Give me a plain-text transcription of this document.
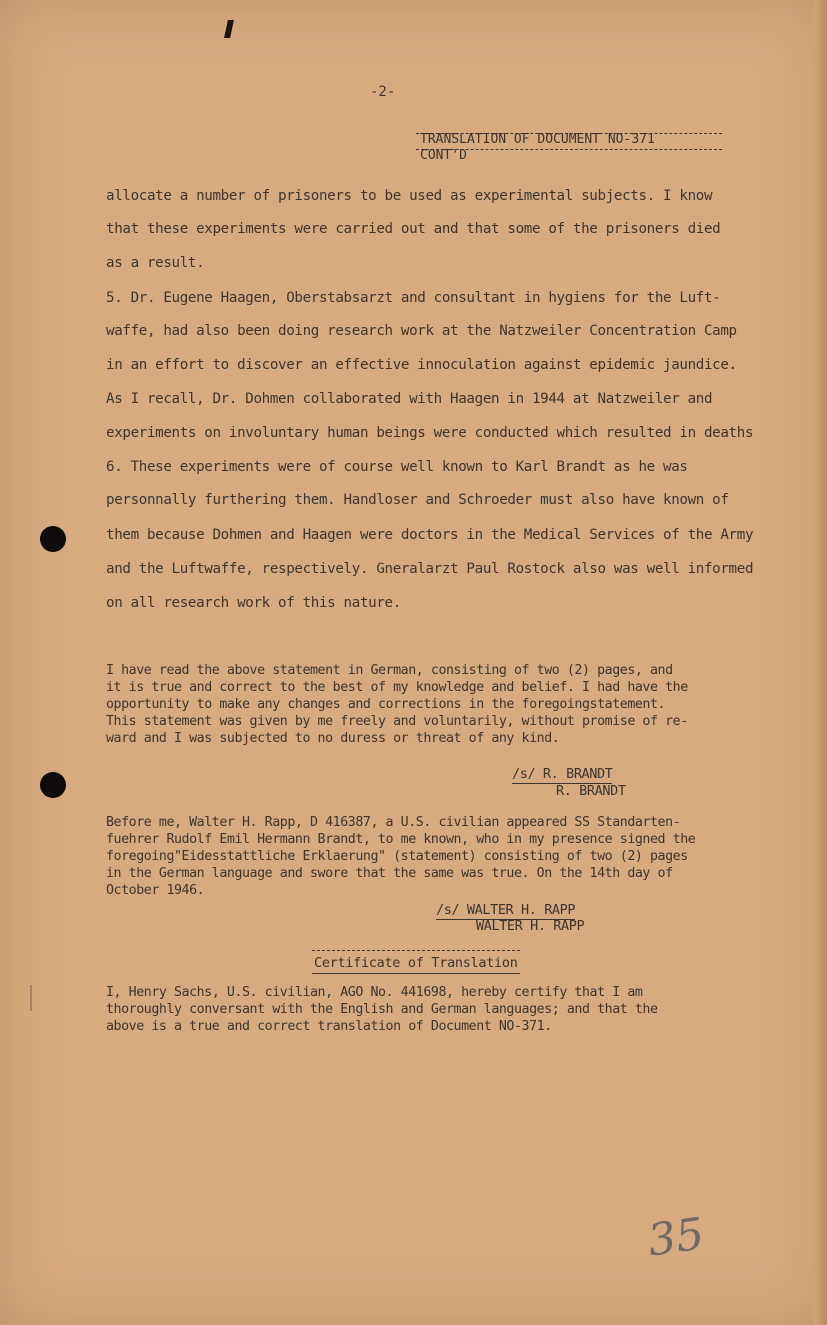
-2-
TRANSLATION OF DOCUMENT NO-371
CONT'D
allocate a number of prisoners to be used as experimental subjects. I know
that these experiments were carried out and that some of the prisoners died
as a result.
5. Dr. Eugene Haagen, Oberstabsarzt and consultant in hygiens for the Luft-
waffe, had also been doing research work at the Natzweiler Concentration Camp
in an effort to discover an effective innoculation against epidemic jaundice.
As I recall, Dr. Dohmen collaborated with Haagen in 1944 at Natzweiler and
experiments on involuntary human beings were conducted which resulted in deaths
6. These experiments were of course well known to Karl Brandt as he was
personnally furthering them. Handloser and Schroeder must also have known of
them because Dohmen and Haagen were doctors in the Medical Services of the Army
and the Luftwaffe, respectively. Gneralarzt Paul Rostock also was well informed
on all research work of this nature.
I have read the above statement in German, consisting of two (2) pages, and
it is true and correct to the best of my knowledge and belief. I had have the
opportunity to make any changes and corrections in the foregoingstatement.
This statement was given by me freely and voluntarily, without promise of re-
ward and I was subjected to no duress or threat of any kind.
/s/ R. BRANDT
R. BRANDT
Before me, Walter H. Rapp, D 416387, a U.S. civilian appeared SS Standarten-
fuehrer Rudolf Emil Hermann Brandt, to me known, who in my presence signed the
foregoing"Eidesstattliche Erklaerung" (statement) consisting of two (2) pages
in the German language and swore that the same was true. On the 14th day of
October 1946.
/s/ WALTER H. RAPP
WALTER H. RAPP
Certificate of Translation
I, Henry Sachs, U.S. civilian, AGO No. 441698, hereby certify that I am
thoroughly conversant with the English and German languages; and that the
above is a true and correct translation of Document NO-371.
35
